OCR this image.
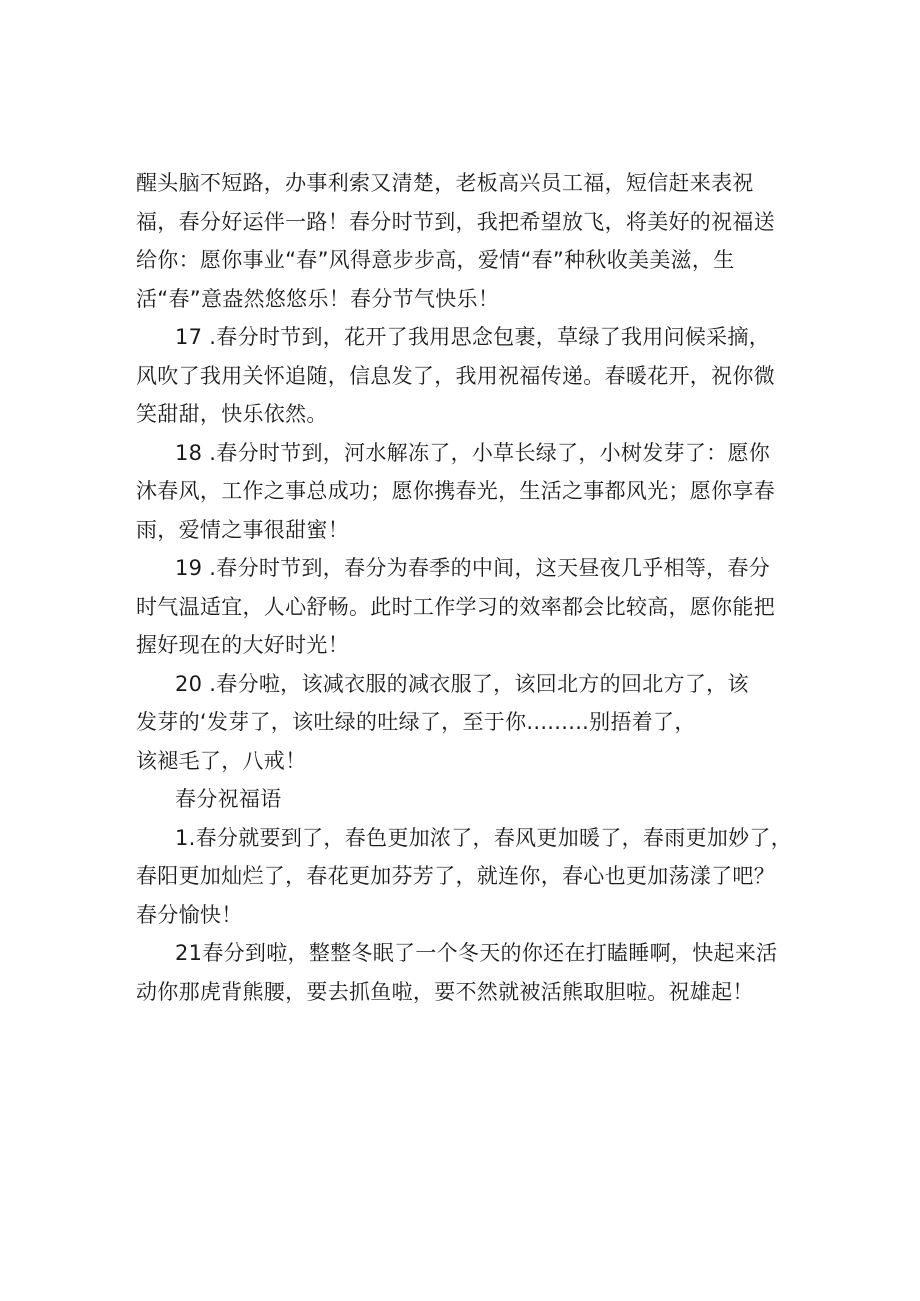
醒头脑不短路，办事利索又清楚，老板高兴员工福，短信赶来表祝
福，春分好运伴一路！春分时节到，我把希望放飞，将美好的祝福送
给你：愿你事业“春”风得意步步高，爱情“春”种秋收美美滋，生
活“春”意盎然悠悠乐！春分节气快乐！
17 .春分时节到，花开了我用思念包裹，草绿了我用问候采摘，
风吹了我用关怀追随，信息发了，我用祝福传递。春暖花开，祝你微
笑甜甜，快乐依然。
18 .春分时节到，河水解冻了，小草长绿了，小树发芽了：愿你
沐春风，工作之事总成功；愿你携春光，生活之事都风光；愿你享春
雨，爱情之事很甜蜜！
19 .春分时节到，春分为春季的中间，这天昼夜几乎相等，春分
时气温适宜，人心舒畅。此时工作学习的效率都会比较高，愿你能把
握好现在的大好时光！
20 .春分啦，该减衣服的减衣服了，该回北方的回北方了，该
发芽的‘发芽了，该吐绿的吐绿了，至于你.........别捂着了，
该褪毛了，八戒！
春分祝福语
1.春分就要到了，春色更加浓了，春风更加暖了，春雨更加妙了，
春阳更加灿烂了，春花更加芬芳了，就连你，春心也更加荡漾了吧？
春分愉快！
21春分到啦，整整冬眠了一个冬天的你还在打瞌睡啊，快起来活
动你那虎背熊腰，要去抓鱼啦，要不然就被活熊取胆啦。祝雄起！
